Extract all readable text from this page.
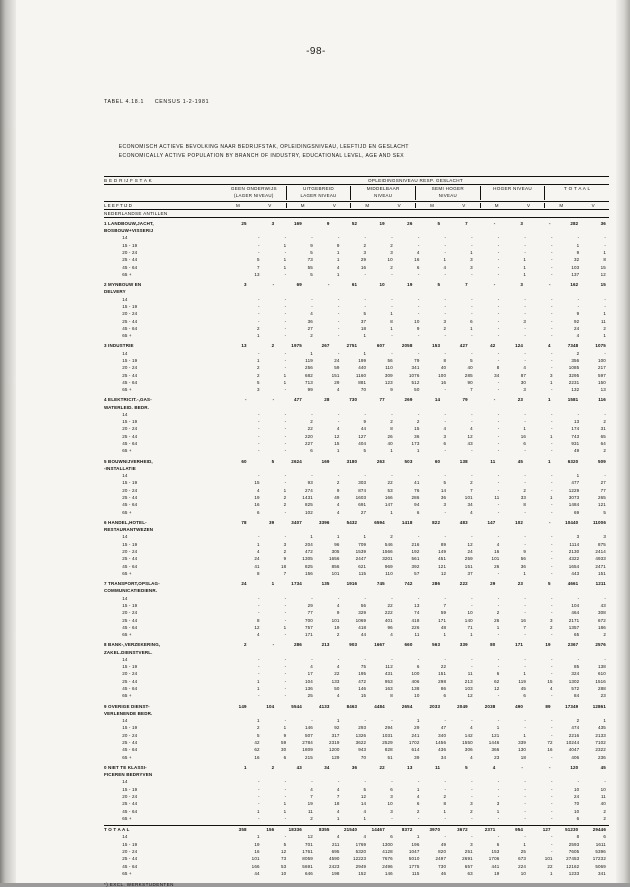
-98-

TABEL 4.18.1     CENSUS 1-2-1981

ECONOMISCH ACTIEVE BEVOLKING NAAR BEDRIJFSTAK, OPLEIDINGSNIVEAU, LEEFTIJD EN GESLACHT
ECONOMICALLY ACTIVE POPULATION BY BRANCH OF INDUSTRY, EDUCATIONAL LEVEL, AGE AND SEX

B E D R IJ F S T A K	OPLEIDINGSNIVEAU RESP. GESLACHT
GEEN ONDERWIJS
(LAGER NIVEAU)
UITGEBREID
LAGER NIVEAU
MIDDELBAAR
NIVEAU
SEMI HOGER
NIVEAU
HOGER NIVEAU	T O T A A L
L E E F T IJ D	M	V	M	V	M	V	M	V	M	V	M	V
NEDERLANDSE ANTILLEN
1 LANDBOUW,JACHT,	25	3	169	9	52	19	26	5	7	-	3	-	282	36
BOSBOUW+VISSERIJ
14	-	-	-	-	-	-	-	-	-	-	-	-	-	-
15 - 19	-	1	9	9	2	2	-	-	-	-	-	-	1	-
20 - 24	-	-	5	1	3	3	4	-	1	-	-	-	9	1
25 - 44	5	1	73	1	29	10	16	1	3	-	1	-	32	8
45 - 64	7	1	55	4	16	2	6	4	3	-	1	-	103	15
65 +	13	-	5	1	-	-	-	-	-	-	1	-	137	12
2 MYNBOUW EN	3	-	69	-	61	10	19	5	7	-	3	-	162	15
DELVERY
14	-	-	-	-	-	-	-	-	-	-	-	-	-	-
15 - 19	-	-	-	-	-	-	-	-	-	-	-	-	-	-
20 - 24	-	-	4	-	5	1	-	-	-	-	-	-	9	1
25 - 44	-	-	36	-	37	8	10	3	6	-	3	-	92	11
45 - 64	2	-	27	-	18	1	9	2	1	-	-	-	24	2
65 +	1	-	2	-	1	-	-	-	-	-	-	-	4	1
3 INDUSTRIE	13	2	1975	267	2751	607	2058	153	427	42	124	4	7348	1075
14	-	-	1	-	1	-	-	-	-	-	-	-	2	-
15 - 19	1	-	119	24	199	56	79	8	5	-	-	-	356	100
20 - 24	2	-	256	59	440	110	341	40	40	8	4	-	1085	217
25 - 44	2	1	682	151	1160	309	1076	100	285	34	87	3	3295	597
45 - 64	5	1	713	29	881	123	512	16	90	-	30	1	2231	150
65 +	3	-	99	4	70	9	50	-	7	-	3	-	132	13
4 ELEKTRICIT.-,GAS-	-	-	477	28	730	77	269	14	79	-	23	1	1581	116
WATERLEID. BEDR.
14	-	-	-	-	-	-	-	-	-	-	-	-	-	-
15 - 19	-	-	2	-	9	2	2	-	-	-	-	-	13	2
20 - 24	-	-	22	4	44	8	15	4	4	-	1	-	174	31
25 - 44	-	-	220	12	127	26	36	3	12	-	16	1	743	65
45 - 64	-	-	227	15	404	40	173	6	43	-	6	-	931	64
65 +	-	-	6	1	5	1	1	-	-	-	-	-	49	2
5 BOUWNIJVERHEID,	60	5	2624	169	3180	263	503	60	138	11	45	1	6320	509
-INSTALLATIE
14	-	-	-	-	-	-	-	-	-	-	-	-	1	-
15 - 19	15	-	93	2	303	22	41	5	2	-	-	-	477	27
20 - 24	4	1	274	9	874	53	76	14	7	-	2	-	1229	77
25 - 44	19	2	1431	49	1603	166	286	36	101	11	33	1	3073	265
45 - 64	16	2	825	4	691	147	94	3	34	-	8	-	1484	121
65 +	6	-	102	4	27	1	6	-	4	-	-	-	69	5
6 HANDEL,HOTEL-	78	39	3407	3396	5432	6594	1418	822	483	147	102	-	10440	11006
RESTAURANTWEZEN
14	-	-	1	1	1	2	-	-	-	-	-	-	3	3
15 - 19	1	3	204	96	709	546	216	89	12	4	-	-	1114	875
20 - 24	4	2	472	305	1539	1566	192	149	24	16	9	-	2130	2414
25 - 44	24	9	1305	1656	2447	3201	561	451	259	101	56	-	4322	4933
45 - 64	41	18	825	856	621	969	392	121	151	26	36	-	1654	2471
65 +	8	7	156	101	115	110	57	12	37	-	1	-	443	151
7 TRANSPORT,OPSLAG-	24	1	1734	135	1916	745	742	286	222	29	23	5	4661	1211
COMMUNICATIEDIENR.
14	-	-	-	-	-	-	-	-	-	-	-	-	-	-
15 - 19	-	-	29	4	56	22	13	7	-	-	-	-	104	43
20 - 24	-	-	77	9	329	222	74	59	10	2	-	-	464	308
25 - 44	8	-	700	101	1069	401	418	171	140	26	16	3	2171	672
45 - 64	12	1	757	19	418	96	226	48	71	1	7	2	1357	186
65 +	4	-	171	2	44	4	11	1	1	-	-	-	65	2
8 BANK-,VERZEKERING,	2	-	286	213	903	1667	660	563	339	80	171	19	2367	2576
ZAKEL.DIENSTVERL.
14	-	-	-	-	-	-	-	-	-	-	-	-	-	-
15 - 19	-	-	4	4	75	112	6	22	-	-	-	-	85	138
20 - 24	-	-	17	22	195	431	100	151	11	6	1	-	324	610
25 - 44	1	-	104	133	472	953	406	298	213	62	119	15	1302	1516
45 - 64	1	-	136	50	146	163	138	86	103	12	45	4	572	288
65 +	-	-	25	4	15	8	10	6	12	-	6	-	84	23
9 OVERIGE DIENST-	149	104	5544	4133	8463	4484	2654	2033	2049	2038	490	89	17349	12861
VERLENENDE BEDR.
14	1	-	-	1	-	-	1	-	-	-	-	-	2	1
15 - 19	2	1	146	92	293	294	29	47	4	1	-	-	474	435
20 - 24	5	9	507	317	1326	1031	241	340	142	121	1	-	2216	2133
25 - 44	42	59	2784	2319	3622	2529	1702	1456	1550	1446	339	72	10244	7102
45 - 64	62	30	1809	1200	943	828	614	436	306	366	130	16	4047	2322
65 +	16	6	215	129	70	51	39	34	4	23	18	-	406	236
0 NIET TE KLASSI-	1	2	43	34	36	22	13	11	5	4	-	-	120	45
FICEREN BEDRYVEN
14	-	-	-	-	-	-	-	-	-	-	-	-	-	-
15 - 19	-	-	4	4	5	6	1	-	-	-	-	-	10	10
20 - 24	-	-	7	7	12	3	4	2	-	-	-	-	24	11
25 - 44	-	1	19	18	14	10	6	8	3	3	-	-	70	40
45 - 64	1	1	11	4	4	3	2	1	2	1	-	-	10	2
65 +	-	-	2	1	1	-	-	-	-	-	-	-	6	2
T O T A A L	358	156	18336	8355	21540	14467	8372	3970	3672	2371	954	127	51230	29446
14	1	-	12	4	4	6	1	-	-	-	-	-	8	6
15 - 19	19	5	701	211	1769	1300	196	49	3	6	1	-	2593	1611
20 - 24	16	12	1761	695	5320	4128	1047	820	251	153	25	-	7605	5396
25 - 44	101	73	8059	4590	12223	7676	5010	2497	2691	1706	673	101	27453	17232
45 - 64	166	53	5691	2423	2949	2496	1775	730	657	441	224	22	12162	5069
65 +	44	10	646	198	152	146	115	46	63	19	10	1	1233	341
*) EXCL. WERKSTUDENTEN
